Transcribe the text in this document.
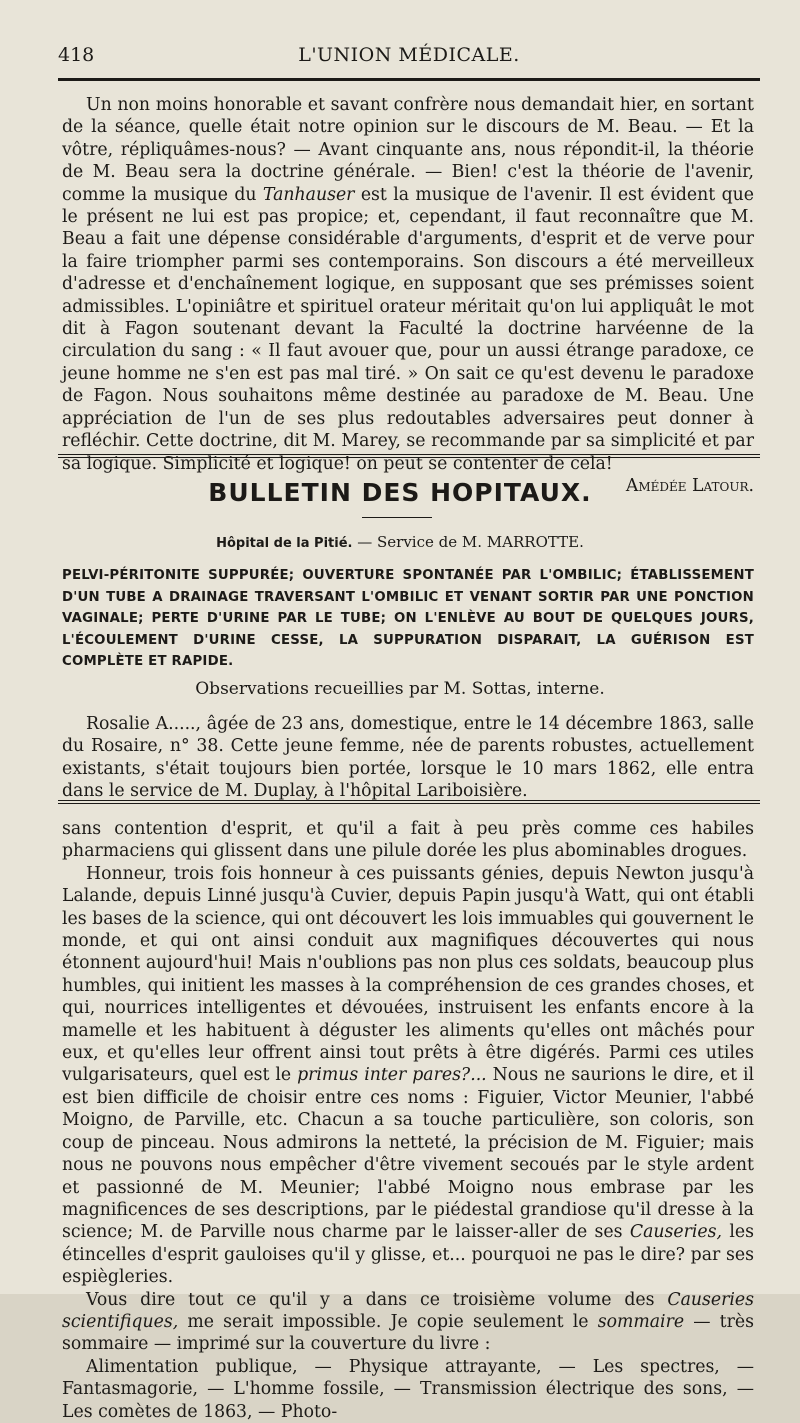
418	L'UNION MÉDICALE.

Un non moins honorable et savant confrère nous demandait hier, en sortant de la séance, quelle était notre opinion sur le discours de M. Beau. — Et la vôtre, répliquâmes-nous? — Avant cinquante ans, nous répondit-il, la théorie de M. Beau sera la doctrine générale. — Bien! c'est la théorie de l'avenir, comme la musique du Tanhauser est la musique de l'avenir. Il est évident que le présent ne lui est pas propice; et, cependant, il faut reconnaître que M. Beau a fait une dépense considérable d'arguments, d'esprit et de verve pour la faire triompher parmi ses contemporains. Son discours a été merveilleux d'adresse et d'enchaînement logique, en supposant que ses prémisses soient admissibles. L'opiniâtre et spirituel orateur méritait qu'on lui appliquât le mot dit à Fagon soutenant devant la Faculté la doctrine harvéenne de la circulation du sang : « Il faut avouer que, pour un aussi étrange paradoxe, ce jeune homme ne s'en est pas mal tiré. » On sait ce qu'est devenu le paradoxe de Fagon. Nous souhaitons même destinée au paradoxe de M. Beau. Une appréciation de l'un de ses plus redoutables adversaires peut donner à refléchir. Cette doctrine, dit M. Marey, se recommande par sa simplicité et par sa logique. Simplicité et logique! on peut se contenter de cela!
Amédée Latour.

BULLETIN DES HOPITAUX.
Hôpital de la Pitié. — Service de M. MARROTTE.
PELVI-PÉRITONITE SUPPURÉE; OUVERTURE SPONTANÉE PAR L'OMBILIC; ÉTABLISSEMENT D'UN TUBE A DRAINAGE TRAVERSANT L'OMBILIC ET VENANT SORTIR PAR UNE PONCTION VAGINALE; PERTE D'URINE PAR LE TUBE; ON L'ENLÈVE AU BOUT DE QUELQUES JOURS, L'ÉCOULEMENT D'URINE CESSE, LA SUPPURATION DISPARAIT, LA GUÉRISON EST COMPLÈTE ET RAPIDE.
Observations recueillies par M. Sottas, interne.

Rosalie A....., âgée de 23 ans, domestique, entre le 14 décembre 1863, salle du Rosaire, n° 38. Cette jeune femme, née de parents robustes, actuellement existants, s'était toujours bien portée, lorsque le 10 mars 1862, elle entra dans le service de M. Duplay, à l'hôpital Lariboisière.

sans contention d'esprit, et qu'il a fait à peu près comme ces habiles pharmaciens qui glissent dans une pilule dorée les plus abominables drogues.

Honneur, trois fois honneur à ces puissants génies, depuis Newton jusqu'à Lalande, depuis Linné jusqu'à Cuvier, depuis Papin jusqu'à Watt, qui ont établi les bases de la science, qui ont découvert les lois immuables qui gouvernent le monde, et qui ont ainsi conduit aux magnifiques découvertes qui nous étonnent aujourd'hui! Mais n'oublions pas non plus ces soldats, beaucoup plus humbles, qui initient les masses à la compréhension de ces grandes choses, et qui, nourrices intelligentes et dévouées, instruisent les enfants encore à la mamelle et les habituent à déguster les aliments qu'elles ont mâchés pour eux, et qu'elles leur offrent ainsi tout prêts à être digérés. Parmi ces utiles vulgarisateurs, quel est le primus inter pares?... Nous ne saurions le dire, et il est bien difficile de choisir entre ces noms : Figuier, Victor Meunier, l'abbé Moigno, de Parville, etc. Chacun a sa touche particulière, son coloris, son coup de pinceau. Nous admirons la netteté, la précision de M. Figuier; mais nous ne pouvons nous empêcher d'être vivement secoués par le style ardent et passionné de M. Meunier; l'abbé Moigno nous embrase par les magnificences de ses descriptions, par le piédestal grandiose qu'il dresse à la science; M. de Parville nous charme par le laisser-aller de ses Causeries, les étincelles d'esprit gauloises qu'il y glisse, et... pourquoi ne pas le dire? par ses espiègleries.

Vous dire tout ce qu'il y a dans ce troisième volume des Causeries scientifiques, me serait impossible. Je copie seulement le sommaire — très sommaire — imprimé sur la couverture du livre :

Alimentation publique, — Physique attrayante, — Les spectres, — Fantasmagorie, — L'homme fossile, — Transmission électrique des sons, — Les comètes de 1863, — Photo-
